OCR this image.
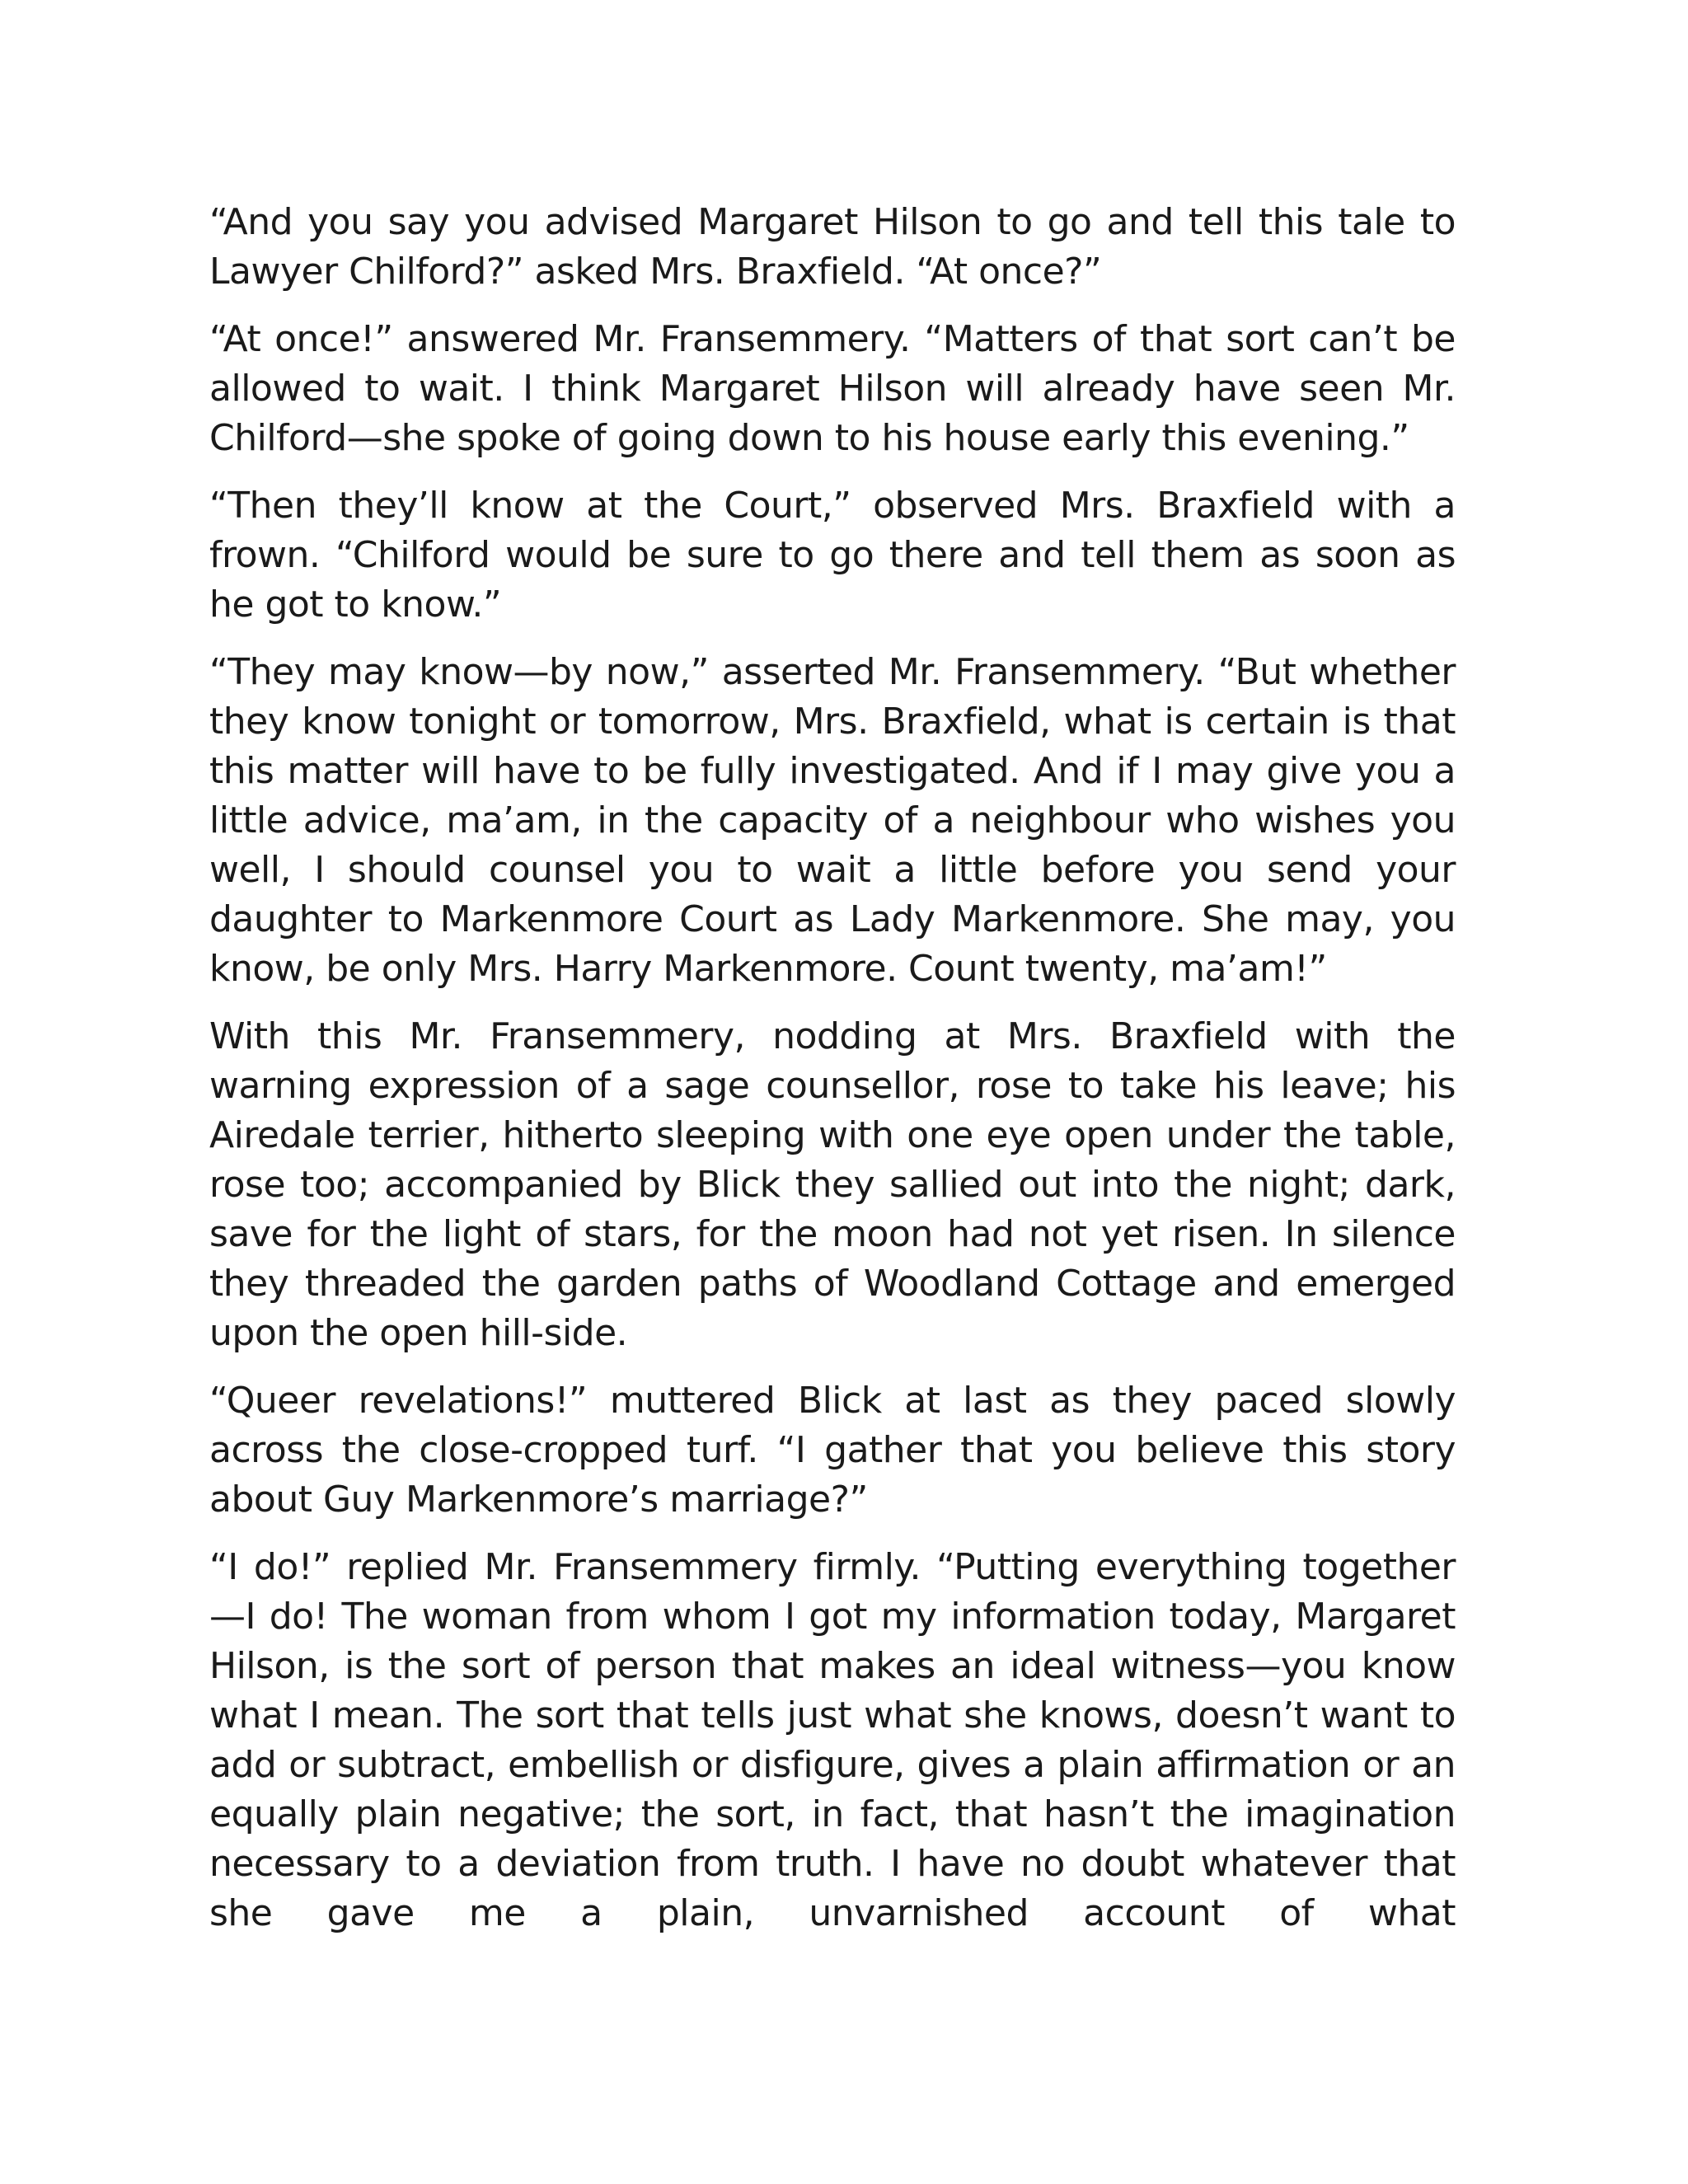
“And you say you advised Margaret Hilson to go and tell this tale to Lawyer Chilford?” asked Mrs. Braxfield. “At once?”

“At once!” answered Mr. Fransemmery. “Matters of that sort can’t be allowed to wait. I think Margaret Hilson will already have seen Mr. Chilford—she spoke of going down to his house early this evening.”

“Then they’ll know at the Court,” observed Mrs. Braxfield with a frown. “Chilford would be sure to go there and tell them as soon as he got to know.”

“They may know—by now,” asserted Mr. Fransemmery. “But whether they know tonight or tomorrow, Mrs. Braxfield, what is certain is that this matter will have to be fully investigated. And if I may give you a little advice, ma’am, in the capacity of a neighbour who wishes you well, I should counsel you to wait a little before you send your daughter to Markenmore Court as Lady Markenmore. She may, you know, be only Mrs. Harry Markenmore. Count twenty, ma’am!”

With this Mr. Fransemmery, nodding at Mrs. Braxfield with the warning expression of a sage counsellor, rose to take his leave; his Airedale terrier, hitherto sleeping with one eye open under the table, rose too; accompanied by Blick they sallied out into the night; dark, save for the light of stars, for the moon had not yet risen. In silence they threaded the garden paths of Woodland Cottage and emerged upon the open hill-side.

“Queer revelations!” muttered Blick at last as they paced slowly across the close-cropped turf. “I gather that you believe this story about Guy Markenmore’s marriage?”

“I do!” replied Mr. Fransemmery firmly. “Putting everything together —I do! The woman from whom I got my information today, Margaret Hilson, is the sort of person that makes an ideal witness—you know what I mean. The sort that tells just what she knows, doesn’t want to add or subtract, embellish or disfigure, gives a plain affirmation or an equally plain negative; the sort, in fact, that hasn’t the imagination necessary to a deviation from truth. I have no doubt whatever that she gave me a plain, unvarnished account of what
